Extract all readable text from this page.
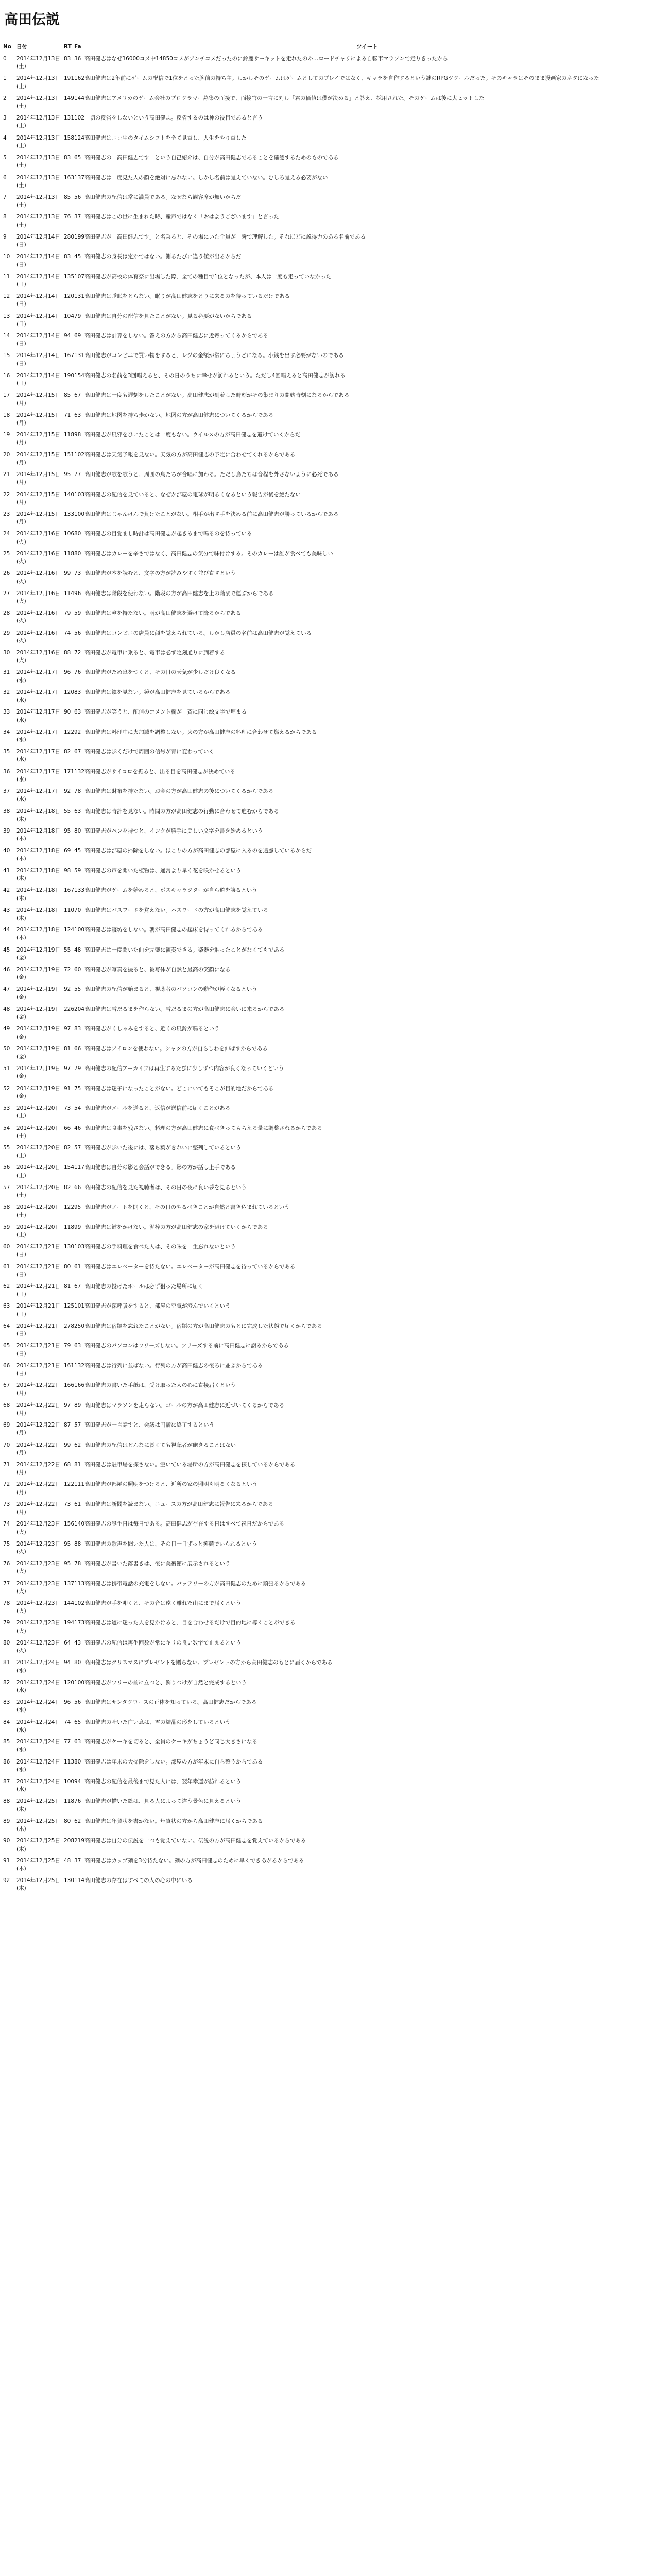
高田伝説
No	日付	RT	Fa	ツイート
0	2014年12月13日 (土)	83	36	高田健志はなぜ16000コメ中14850コメがアンチコメだったのに鈴鹿サーキットを走れたのか…ロードチャリによる自転車マラソンで走りきったから
1	2014年12月13日 (土)	191	162	高田健志は2年前にゲームの配信で1位をとった腕前の持ち主。しかしそのゲームはゲームとしてのプレイではなく、キャラを自作するという謎のRPGツクールだった。そのキャラはそのまま漫画家のネタになった
2	2014年12月13日 (土)	149	144	高田健志はアメリカのゲーム会社のプログラマー募集の面接で、面接官の一言に対し「君の価値は僕が決める」と答え、採用された。そのゲームは後に大ヒットした
3	2014年12月13日 (土)	131	102	一切の反省をしないという高田健志。反省するのは神の役目であると言う
4	2014年12月13日 (土)	158	124	高田健志はニコ生のタイムシフトを全て見直し、人生をやり直した
5	2014年12月13日 (土)	83	65	高田健志の「高田健志です」という自己紹介は、自分が高田健志であることを確認するためのものである
6	2014年12月13日 (土)	163	137	高田健志は一度見た人の顔を絶対に忘れない。しかし名前は覚えていない。むしろ覚える必要がない
7	2014年12月13日 (土)	85	56	高田健志の配信は常に満員である。なぜなら観客席が無いからだ
8	2014年12月13日 (土)	76	37	高田健志はこの世に生まれた時、産声ではなく「おはようございます」と言った
9	2014年12月14日 (日)	280	199	高田健志が「高田健志です」と名乗ると、その場にいた全員が一瞬で理解した。それほどに説得力のある名前である
10	2014年12月14日 (日)	83	45	高田健志の身長は定かではない。測るたびに違う値が出るからだ
11	2014年12月14日 (日)	135	107	高田健志が高校の体育祭に出場した際、全ての種目で1位となったが、本人は一度も走っていなかった
12	2014年12月14日 (日)	120	131	高田健志は睡眠をとらない。眠りが高田健志をとりに来るのを待っているだけである
13	2014年12月14日 (日)	104	79	高田健志は自分の配信を見たことがない。見る必要がないからである
14	2014年12月14日 (日)	94	69	高田健志は計算をしない。答えの方から高田健志に近寄ってくるからである
15	2014年12月14日 (日)	167	131	高田健志がコンビニで買い物をすると、レジの金額が常にちょうどになる。小銭を出す必要がないのである
16	2014年12月14日 (日)	190	154	高田健志の名前を3回唱えると、その日のうちに幸せが訪れるという。ただし4回唱えると高田健志が訪れる
17	2014年12月15日 (月)	85	67	高田健志は一度も遅刻をしたことがない。高田健志が到着した時刻がその集まりの開始時刻になるからである
18	2014年12月15日 (月)	71	63	高田健志は地図を持ち歩かない。地図の方が高田健志についてくるからである
19	2014年12月15日 (月)	118	98	高田健志が風邪をひいたことは一度もない。ウイルスの方が高田健志を避けていくからだ
20	2014年12月15日 (月)	151	102	高田健志は天気予報を見ない。天気の方が高田健志の予定に合わせてくれるからである
21	2014年12月15日 (月)	95	77	高田健志が歌を歌うと、周囲の鳥たちが合唱に加わる。ただし鳥たちは音程を外さないように必死である
22	2014年12月15日 (月)	140	103	高田健志の配信を見ていると、なぜか部屋の電球が明るくなるという報告が後を絶たない
23	2014年12月15日 (月)	133	100	高田健志はじゃんけんで負けたことがない。相手が出す手を決める前に高田健志が勝っているからである
24	2014年12月16日 (火)	106	80	高田健志の目覚まし時計は高田健志が起きるまで鳴るのを待っている
25	2014年12月16日 (火)	118	80	高田健志はカレーを辛さではなく、高田健志の気分で味付けする。そのカレーは誰が食べても美味しい
26	2014年12月16日 (火)	99	73	高田健志が本を読むと、文字の方が読みやすく並び直すという
27	2014年12月16日 (火)	114	96	高田健志は階段を使わない。階段の方が高田健志を上の階まで運ぶからである
28	2014年12月16日 (火)	79	59	高田健志は傘を持たない。雨が高田健志を避けて降るからである
29	2014年12月16日 (火)	74	56	高田健志はコンビニの店員に顔を覚えられている。しかし店員の名前は高田健志が覚えている
30	2014年12月16日 (火)	88	72	高田健志が電車に乗ると、電車は必ず定刻通りに到着する
31	2014年12月17日 (水)	96	76	高田健志がため息をつくと、その日の天気が少しだけ良くなる
32	2014年12月17日 (水)	120	83	高田健志は鏡を見ない。鏡が高田健志を見ているからである
33	2014年12月17日 (水)	90	63	高田健志が笑うと、配信のコメント欄が一斉に同じ絵文字で埋まる
34	2014年12月17日 (水)	122	92	高田健志は料理中に火加減を調整しない。火の方が高田健志の料理に合わせて燃えるからである
35	2014年12月17日 (水)	82	67	高田健志は歩くだけで周囲の信号が青に変わっていく
36	2014年12月17日 (水)	171	132	高田健志がサイコロを振ると、出る目を高田健志が決めている
37	2014年12月17日 (水)	92	78	高田健志は財布を持たない。お金の方が高田健志の後についてくるからである
38	2014年12月18日 (木)	55	63	高田健志は時計を見ない。時間の方が高田健志の行動に合わせて進むからである
39	2014年12月18日 (木)	95	80	高田健志がペンを持つと、インクが勝手に美しい文字を書き始めるという
40	2014年12月18日 (木)	69	45	高田健志は部屋の掃除をしない。ほこりの方が高田健志の部屋に入るのを遠慮しているからだ
41	2014年12月18日 (木)	98	59	高田健志の声を聞いた植物は、通常より早く花を咲かせるという
42	2014年12月18日 (木)	167	133	高田健志がゲームを始めると、ボスキャラクターが自ら道を譲るという
43	2014年12月18日 (木)	110	70	高田健志はパスワードを覚えない。パスワードの方が高田健志を覚えている
44	2014年12月18日 (木)	124	100	高田健志は寝坊をしない。朝が高田健志の起床を待ってくれるからである
45	2014年12月19日 (金)	55	48	高田健志は一度聞いた曲を完璧に演奏できる。楽器を触ったことがなくてもである
46	2014年12月19日 (金)	72	60	高田健志が写真を撮ると、被写体が自然と最高の笑顔になる
47	2014年12月19日 (金)	92	55	高田健志の配信が始まると、視聴者のパソコンの動作が軽くなるという
48	2014年12月19日 (金)	226	204	高田健志は雪だるまを作らない。雪だるまの方が高田健志に会いに来るからである
49	2014年12月19日 (金)	97	83	高田健志がくしゃみをすると、近くの風鈴が鳴るという
50	2014年12月19日 (金)	81	66	高田健志はアイロンを使わない。シャツの方が自らしわを伸ばすからである
51	2014年12月19日 (金)	97	79	高田健志の配信アーカイブは再生するたびに少しずつ内容が良くなっていくという
52	2014年12月19日 (金)	91	75	高田健志は迷子になったことがない。どこにいてもそこが目的地だからである
53	2014年12月20日 (土)	73	54	高田健志がメールを送ると、返信が送信前に届くことがある
54	2014年12月20日 (土)	66	46	高田健志は食事を残さない。料理の方が高田健志に食べきってもらえる量に調整されるからである
55	2014年12月20日 (土)	82	57	高田健志が歩いた後には、落ち葉がきれいに整列しているという
56	2014年12月20日 (土)	154	117	高田健志は自分の影と会話ができる。影の方が話し上手である
57	2014年12月20日 (土)	82	66	高田健志の配信を見た視聴者は、その日の夜に良い夢を見るという
58	2014年12月20日 (土)	122	95	高田健志がノートを開くと、その日のやるべきことが自然と書き込まれているという
59	2014年12月20日 (土)	118	99	高田健志は鍵をかけない。泥棒の方が高田健志の家を避けていくからである
60	2014年12月21日 (日)	130	103	高田健志の手料理を食べた人は、その味を一生忘れないという
61	2014年12月21日 (日)	80	61	高田健志はエレベーターを待たない。エレベーターが高田健志を待っているからである
62	2014年12月21日 (日)	81	67	高田健志の投げたボールは必ず狙った場所に届く
63	2014年12月21日 (日)	125	101	高田健志が深呼吸をすると、部屋の空気が澄んでいくという
64	2014年12月21日 (日)	278	250	高田健志は宿題を忘れたことがない。宿題の方が高田健志のもとに完成した状態で届くからである
65	2014年12月21日 (日)	79	63	高田健志のパソコンはフリーズしない。フリーズする前に高田健志に謝るからである
66	2014年12月21日 (日)	161	132	高田健志は行列に並ばない。行列の方が高田健志の後ろに並ぶからである
67	2014年12月22日 (月)	166	166	高田健志の書いた手紙は、受け取った人の心に直接届くという
68	2014年12月22日 (月)	97	89	高田健志はマラソンを走らない。ゴールの方が高田健志に近づいてくるからである
69	2014年12月22日 (月)	87	57	高田健志が一言話すと、会議は円満に終了するという
70	2014年12月22日 (月)	99	62	高田健志の配信はどんなに長くても視聴者が飽きることはない
71	2014年12月22日 (月)	68	81	高田健志は駐車場を探さない。空いている場所の方が高田健志を探しているからである
72	2014年12月22日 (月)	122	111	高田健志が部屋の照明をつけると、近所の家の照明も明るくなるという
73	2014年12月22日 (月)	73	61	高田健志は新聞を読まない。ニュースの方が高田健志に報告に来るからである
74	2014年12月23日 (火)	156	140	高田健志の誕生日は毎日である。高田健志が存在する日はすべて祝日だからである
75	2014年12月23日 (火)	95	88	高田健志の歌声を聞いた人は、その日一日ずっと笑顔でいられるという
76	2014年12月23日 (火)	95	78	高田健志が書いた落書きは、後に美術館に展示されるという
77	2014年12月23日 (火)	137	113	高田健志は携帯電話の充電をしない。バッテリーの方が高田健志のために頑張るからである
78	2014年12月23日 (火)	144	102	高田健志が手を叩くと、その音は遠く離れた山にまで届くという
79	2014年12月23日 (火)	194	173	高田健志は道に迷った人を見かけると、目を合わせるだけで目的地に導くことができる
80	2014年12月23日 (火)	64	43	高田健志の配信は再生回数が常にキリの良い数字で止まるという
81	2014年12月24日 (水)	94	80	高田健志はクリスマスにプレゼントを贈らない。プレゼントの方から高田健志のもとに届くからである
82	2014年12月24日 (水)	120	100	高田健志がツリーの前に立つと、飾りつけが自然と完成するという
83	2014年12月24日 (水)	96	56	高田健志はサンタクロースの正体を知っている。高田健志だからである
84	2014年12月24日 (水)	74	65	高田健志の吐いた白い息は、雪の結晶の形をしているという
85	2014年12月24日 (水)	77	63	高田健志がケーキを切ると、全員のケーキがちょうど同じ大きさになる
86	2014年12月24日 (水)	113	80	高田健志は年末の大掃除をしない。部屋の方が年末に自ら整うからである
87	2014年12月24日 (水)	100	94	高田健志の配信を最後まで見た人には、翌年幸運が訪れるという
88	2014年12月25日 (木)	118	76	高田健志が描いた絵は、見る人によって違う景色に見えるという
89	2014年12月25日 (木)	80	62	高田健志は年賀状を書かない。年賀状の方から高田健志に届くからである
90	2014年12月25日 (木)	208	219	高田健志は自分の伝説を一つも覚えていない。伝説の方が高田健志を覚えているからである
91	2014年12月25日 (木)	48	37	高田健志はカップ麺を3分待たない。麺の方が高田健志のために早くできあがるからである
92	2014年12月25日 (木)	130	114	高田健志の存在はすべての人の心の中にいる
